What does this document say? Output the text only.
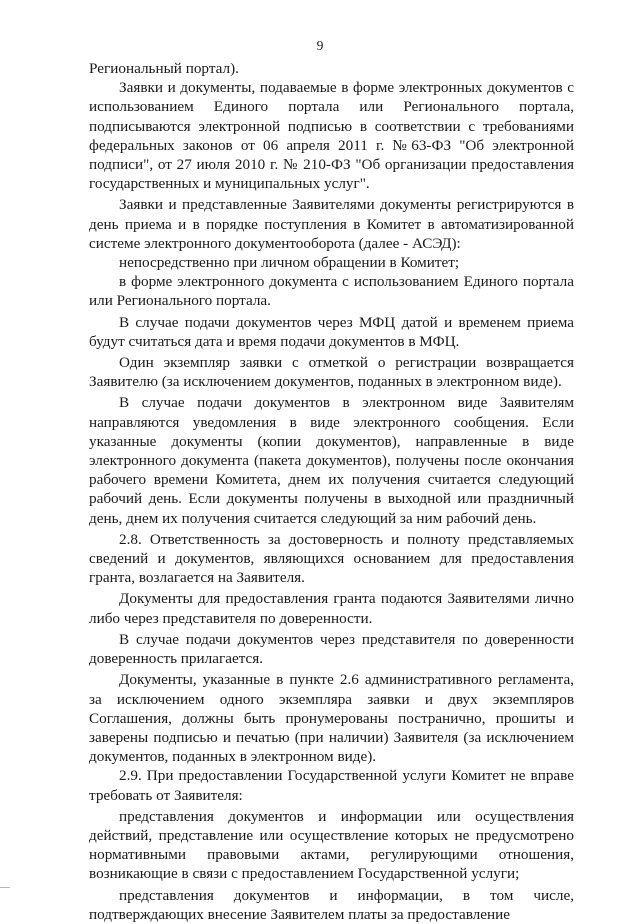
9

Региональный портал).

Заявки и документы, подаваемые в форме электронных документов с использованием Единого портала или Регионального портала, подписываются электронной подписью в соответствии с требованиями федеральных законов от 06 апреля 2011 г. №63-ФЗ "Об электронной подписи", от 27 июля 2010 г. № 210-ФЗ "Об организации предоставления государственных и муниципальных услуг".

Заявки и представленные Заявителями документы регистрируются в день приема и в порядке поступления в Комитет в автоматизированной системе электронного документооборота (далее - АСЭД):

непосредственно при личном обращении в Комитет;

в форме электронного документа с использованием Единого портала или Регионального портала.

В случае подачи документов через МФЦ датой и временем приема будут считаться дата и время подачи документов в МФЦ.

Один экземпляр заявки с отметкой о регистрации возвращается Заявителю (за исключением документов, поданных в электронном виде).

В случае подачи документов в электронном виде Заявителям направляются уведомления в виде электронного сообщения. Если указанные документы (копии документов), направленные в виде электронного документа (пакета документов), получены после окончания рабочего времени Комитета, днем их получения считается следующий рабочий день. Если документы получены в выходной или праздничный день, днем их получения считается следующий за ним рабочий день.

2.8. Ответственность за достоверность и полноту представляемых сведений и документов, являющихся основанием для предоставления гранта, возлагается на Заявителя.

Документы для предоставления гранта подаются Заявителями лично либо через представителя по доверенности.

В случае подачи документов через представителя по доверенности доверенность прилагается.

Документы, указанные в пункте 2.6 административного регламента, за исключением одного экземпляра заявки и двух экземпляров Соглашения, должны быть пронумерованы постранично, прошиты и заверены подписью и печатью (при наличии) Заявителя (за исключением документов, поданных в электронном виде).

2.9. При предоставлении Государственной услуги Комитет не вправе требовать от Заявителя:

представления документов и информации или осуществления действий, представление или осуществление которых не предусмотрено нормативными правовыми актами, регулирующими отношения, возникающие в связи с предоставлением Государственной услуги;

представления документов и информации, в том числе, подтверждающих внесение Заявителем платы за предоставление
